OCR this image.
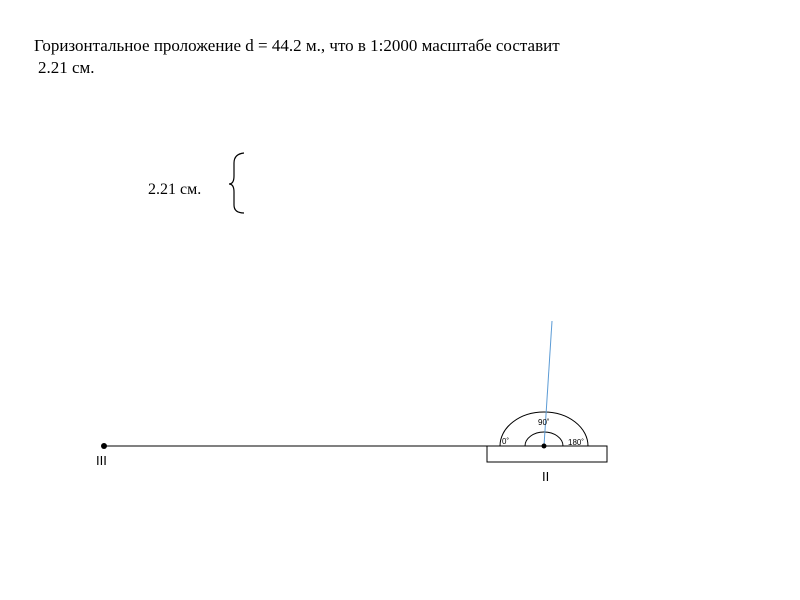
Горизонтальное проложение d = 44.2 м., что в 1:2000 масштабе составит
2.21 см.
2.21 см.
0˚
90˚
180˚
III
II
